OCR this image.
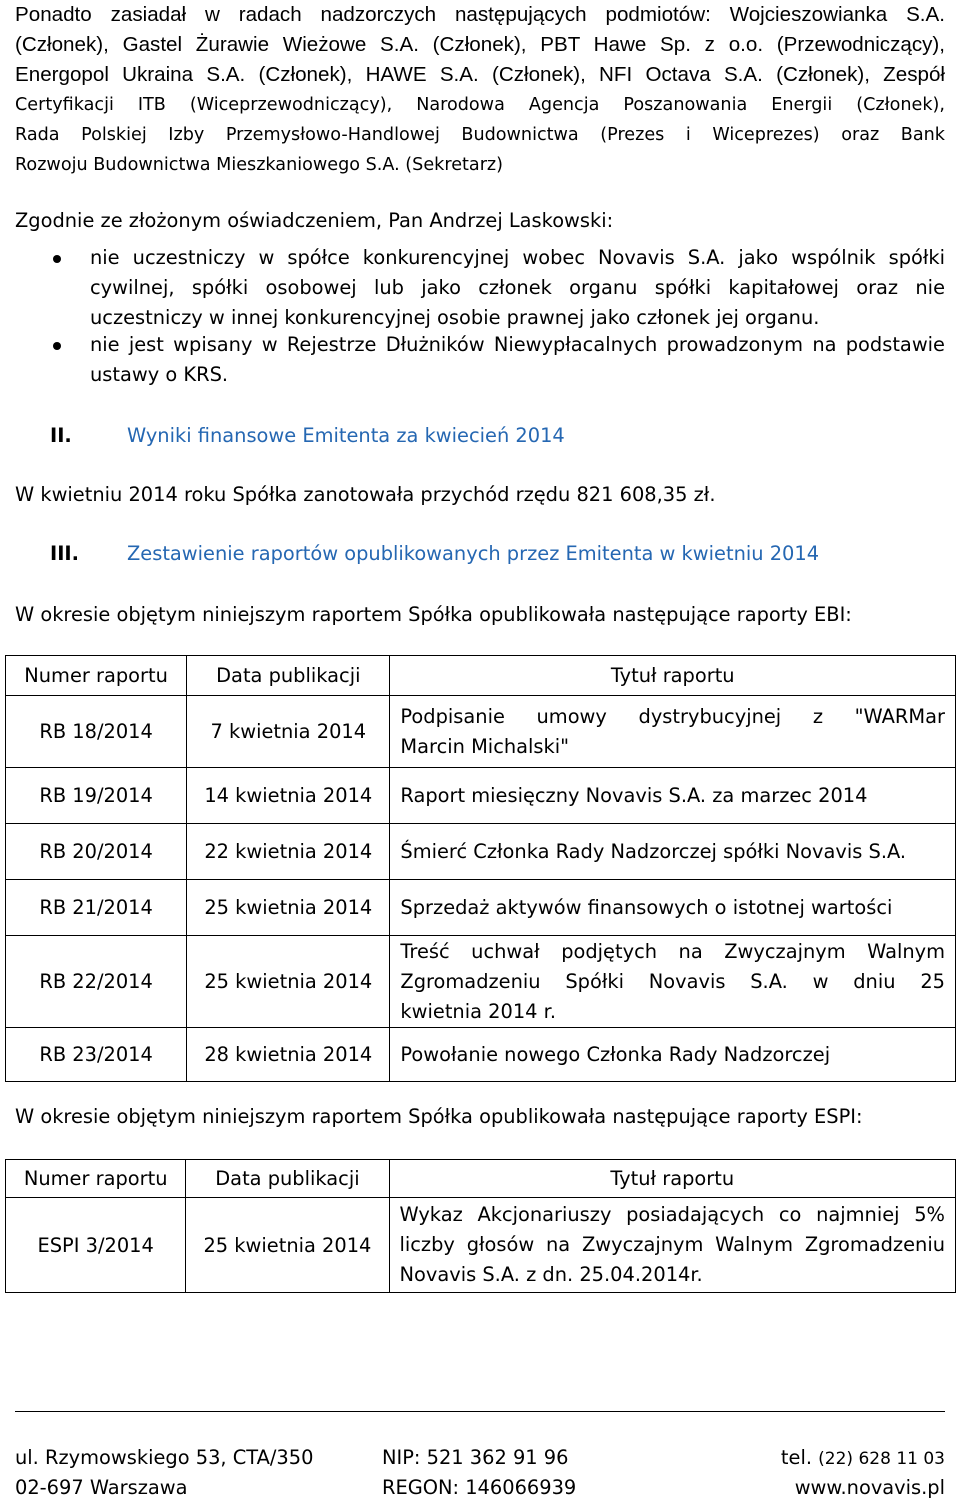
Ponadto zasiadał w radach nadzorczych następujących podmiotów: Wojcieszowianka S.A.
(Członek), Gastel Żurawie Wieżowe S.A. (Członek), PBT Hawe Sp. z o.o. (Przewodniczący),
Energopol Ukraina S.A. (Członek), HAWE S.A. (Członek), NFI Octava S.A. (Członek), Zespół
Certyfikacji ITB (Wiceprzewodniczący), Narodowa Agencja Poszanowania Energii (Członek),
Rada Polskiej Izby Przemysłowo-Handlowej Budownictwa (Prezes i Wiceprezes) oraz Bank
Rozwoju Budownictwa Mieszkaniowego S.A. (Sekretarz)
Zgodnie ze złożonym oświadczeniem, Pan Andrzej Laskowski:
nie uczestniczy w spółce konkurencyjnej wobec Novavis S.A. jako wspólnik spółki
cywilnej, spółki osobowej lub jako członek organu spółki kapitałowej oraz nie
uczestniczy w innej konkurencyjnej osobie prawnej jako członek jej organu.
nie jest wpisany w Rejestrze Dłużników Niewypłacalnych prowadzonym na podstawie
ustawy o KRS.
II.	Wyniki finansowe Emitenta za kwiecień 2014
W kwietniu 2014 roku Spółka zanotowała przychód rzędu 821 608,35 zł.
III. Zestawienie raportów opublikowanych przez Emitenta w kwietniu 2014
W okresie objętym niniejszym raportem Spółka opublikowała następujące raporty EBI:
Numer raportu	Data publikacji	Tytuł raportu
RB 18/2014	7 kwietnia 2014	Podpisanie umowy dystrybucyjnej z "WARMar
Marcin Michalski"

RB 19/2014	14 kwietnia 2014	Raport miesięczny Novavis S.A. za marzec 2014

RB 20/2014	22 kwietnia 2014	Śmierć Członka Rady Nadzorczej spółki Novavis S.A.

RB 21/2014	25 kwietnia 2014	Sprzedaż aktywów finansowych o istotnej wartości

RB 22/2014	25 kwietnia 2014	Treść uchwał podjętych na Zwyczajnym Walnym
Zgromadzeniu Spółki Novavis S.A. w dniu 25
kwietnia 2014 r.

RB 23/2014	28 kwietnia 2014	Powołanie nowego Członka Rady Nadzorczej
W okresie objętym niniejszym raportem Spółka opublikowała następujące raporty ESPI:
Numer raportu	Data publikacji	Tytuł raportu
ESPI 3/2014	25 kwietnia 2014	Wykaz Akcjonariuszy posiadających co najmniej 5%
liczby głosów na Zwyczajnym Walnym Zgromadzeniu
Novavis S.A. z dn. 25.04.2014r.
ul. Rzymowskiego 53, CTA/350
02-697 Warszawa
NIP: 521 362 91 96
REGON: 146066939
tel. (22) 628 11 03
www.novavis.pl
